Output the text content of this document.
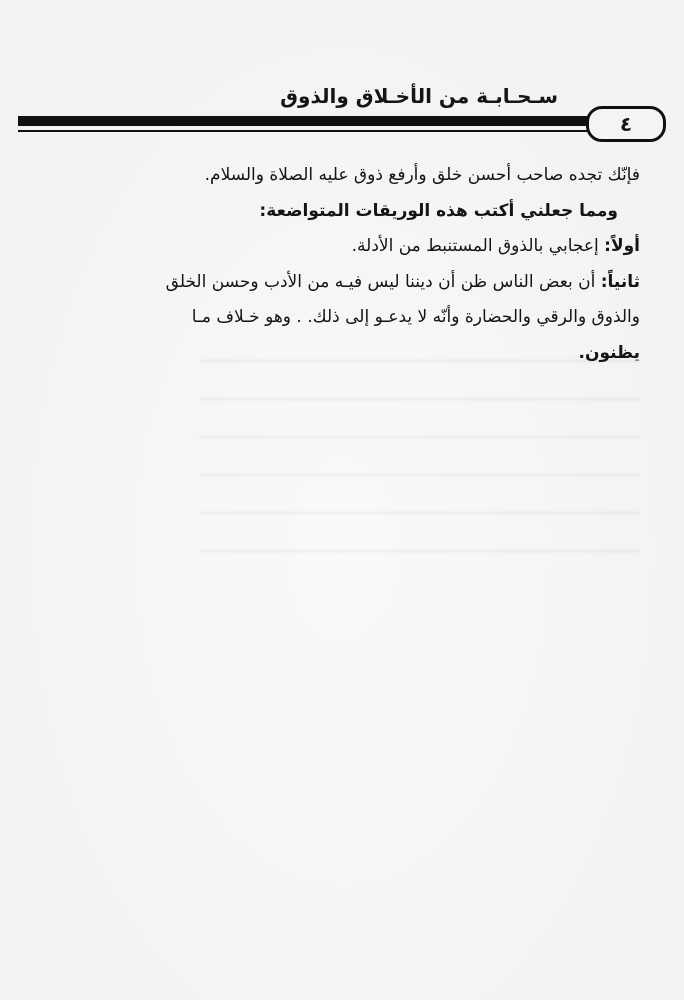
سـحـابـة من الأخـلاق والذوق
٤

فإنّك تجده صاحب أحسن خلق وأرفع ذوق عليه الصلاة والسلام.

ومما جعلني أكتب هذه الوريقات المتواضعة:

أولاً: إعجابي بالذوق المستنبط من الأدلة.

ثانياً: أن بعض الناس ظن أن ديننا ليس فيـه من الأدب وحسن الخلق

والذوق والرقي والحضارة وأنّه لا يدعـو إلى ذلك. . وهو خـلاف مـا

يظنون.
